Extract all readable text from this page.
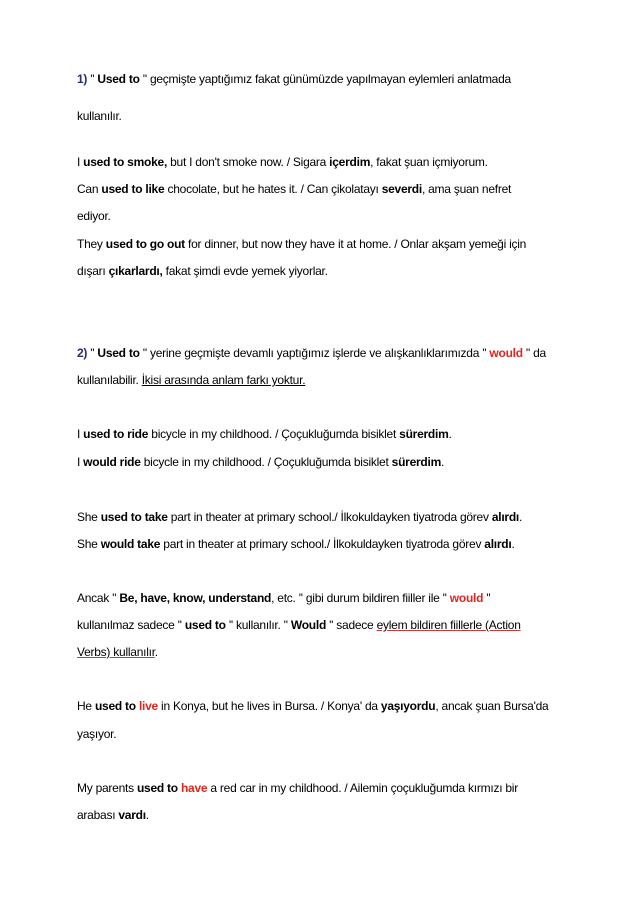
1) '' Used to '' geçmişte yaptığımız fakat günümüzde yapılmayan eylemleri anlatmada
kullanılır.
I used to smoke, but I don't smoke now. / Sigara içerdim, fakat şuan içmiyorum.
Can used to like chocolate, but he hates it. / Can çikolatayı severdi, ama şuan nefret
ediyor.
They used to go out for dinner, but now they have it at home. / Onlar akşam yemeği için
dışarı çıkarlardı, fakat şimdi evde yemek yiyorlar.
2) '' Used to '' yerine geçmişte devamlı yaptığımız işlerde ve alışkanlıklarımızda '' would '' da
kullanılabilir. İkisi arasında anlam farkı yoktur.
I used to ride bicycle in my childhood. / Çoçukluğumda bisiklet sürerdim.
I would ride bicycle in my childhood. / Çoçukluğumda bisiklet sürerdim.
She used to take part in theater at primary school./ İlkokuldayken tiyatroda görev alırdı.
She would take part in theater at primary school./ İlkokuldayken tiyatroda görev alırdı.
Ancak '' Be, have, know, understand, etc. '' gibi durum bildiren fiiller ile '' would ''
kullanılmaz sadece '' used to '' kullanılır. '' Would '' sadece eylem bildiren fiillerle (Action
Verbs) kullanılır.
He used to live in Konya, but he lives in Bursa. / Konya' da yaşıyordu, ancak şuan Bursa'da
yaşıyor.
My parents used to have a red car in my childhood. / Ailemin çoçukluğumda kırmızı bir
arabası vardı.
